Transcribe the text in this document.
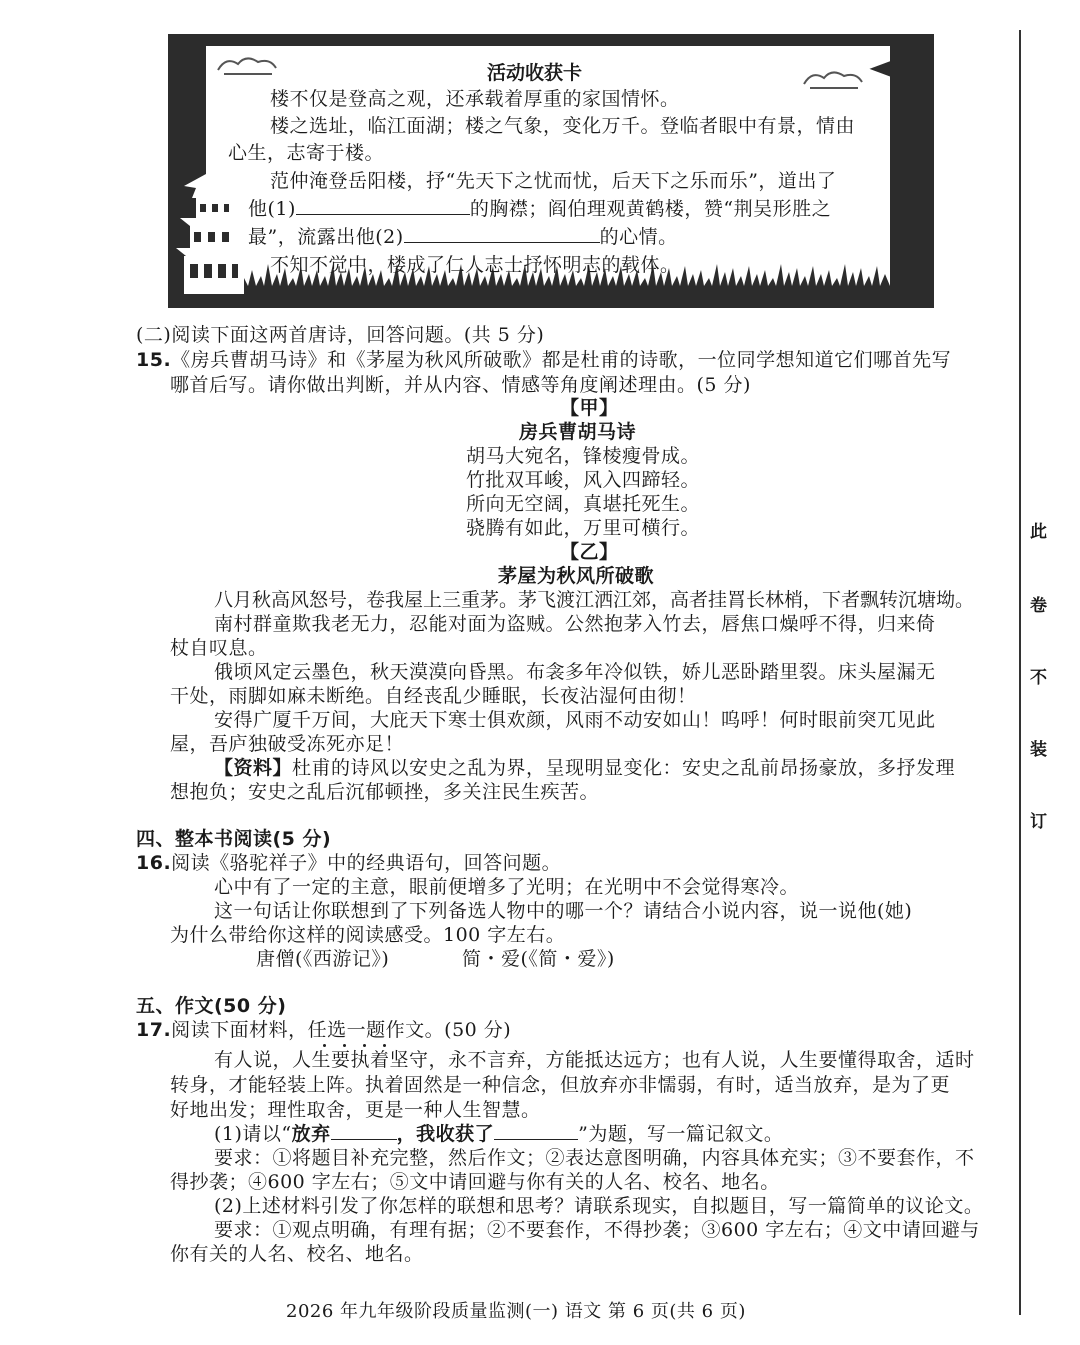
活动收获卡
楼不仅是登高之观，还承载着厚重的家国情怀。
楼之选址，临江面湖；楼之气象，变化万千。登临者眼中有景，情由
心生，志寄于楼。
范仲淹登岳阳楼，抒“先天下之忧而忧，后天下之乐而乐”，道出了
他(1)	的胸襟；阎伯理观黄鹤楼，赞“荆吴形胜之
最”，流露出他(2)	的心情。
不知不觉中，楼成了仁人志士抒怀明志的载体。
(二)阅读下面这两首唐诗，回答问题。(共 5 分)
15.《房兵曹胡马诗》和《茅屋为秋风所破歌》都是杜甫的诗歌，一位同学想知道它们哪首先写
哪首后写。请你做出判断，并从内容、情感等角度阐述理由。(5 分)
【甲】
房兵曹胡马诗
胡马大宛名，锋棱瘦骨成。
竹批双耳峻，风入四蹄轻。
所向无空阔，真堪托死生。
骁腾有如此，万里可横行。
【乙】
茅屋为秋风所破歌
八月秋高风怒号，卷我屋上三重茅。茅飞渡江洒江郊，高者挂罥长林梢，下者飘转沉塘坳。
南村群童欺我老无力，忍能对面为盗贼。公然抱茅入竹去，唇焦口燥呼不得，归来倚
杖自叹息。
俄顷风定云墨色，秋天漠漠向昏黑。布衾多年冷似铁，娇儿恶卧踏里裂。床头屋漏无
干处，雨脚如麻未断绝。自经丧乱少睡眠，长夜沾湿何由彻！
安得广厦千万间，大庇天下寒士俱欢颜，风雨不动安如山！呜呼！何时眼前突兀见此
屋，吾庐独破受冻死亦足！
【资料】杜甫的诗风以安史之乱为界，呈现明显变化：安史之乱前昂扬豪放，多抒发理
想抱负；安史之乱后沉郁顿挫，多关注民生疾苦。
四、整本书阅读(5 分)
16.阅读《骆驼祥子》中的经典语句，回答问题。
心中有了一定的主意，眼前便增多了光明；在光明中不会觉得寒冷。
这一句话让你联想到了下列备选人物中的哪一个？请结合小说内容，说一说他(她)
为什么带给你这样的阅读感受。100 字左右。
唐僧(《西游记》)	简・爱(《简・爱》)
五、作文(50 分)
17.阅读下面材料，任选一题作文。(50 分)
有人说，人生要执着坚守，永不言弃，方能抵达远方；也有人说，人生要懂得取舍，适时
转身，才能轻装上阵。执着固然是一种信念，但放弃亦非懦弱，有时，适当放弃，是为了更
好地出发；理性取舍，更是一种人生智慧。
(1)请以“放弃	，我收获了	”为题，写一篇记叙文。
要求：①将题目补充完整，然后作文；②表达意图明确，内容具体充实；③不要套作，不
得抄袭；④600 字左右；⑤文中请回避与你有关的人名、校名、地名。
(2)上述材料引发了你怎样的联想和思考？请联系现实，自拟题目，写一篇简单的议论文。
要求：①观点明确，有理有据；②不要套作，不得抄袭；③600 字左右；④文中请回避与
你有关的人名、校名、地名。
2026 年九年级阶段质量监测(一) 语文 第 6 页(共 6 页)
此
卷
不
装
订
